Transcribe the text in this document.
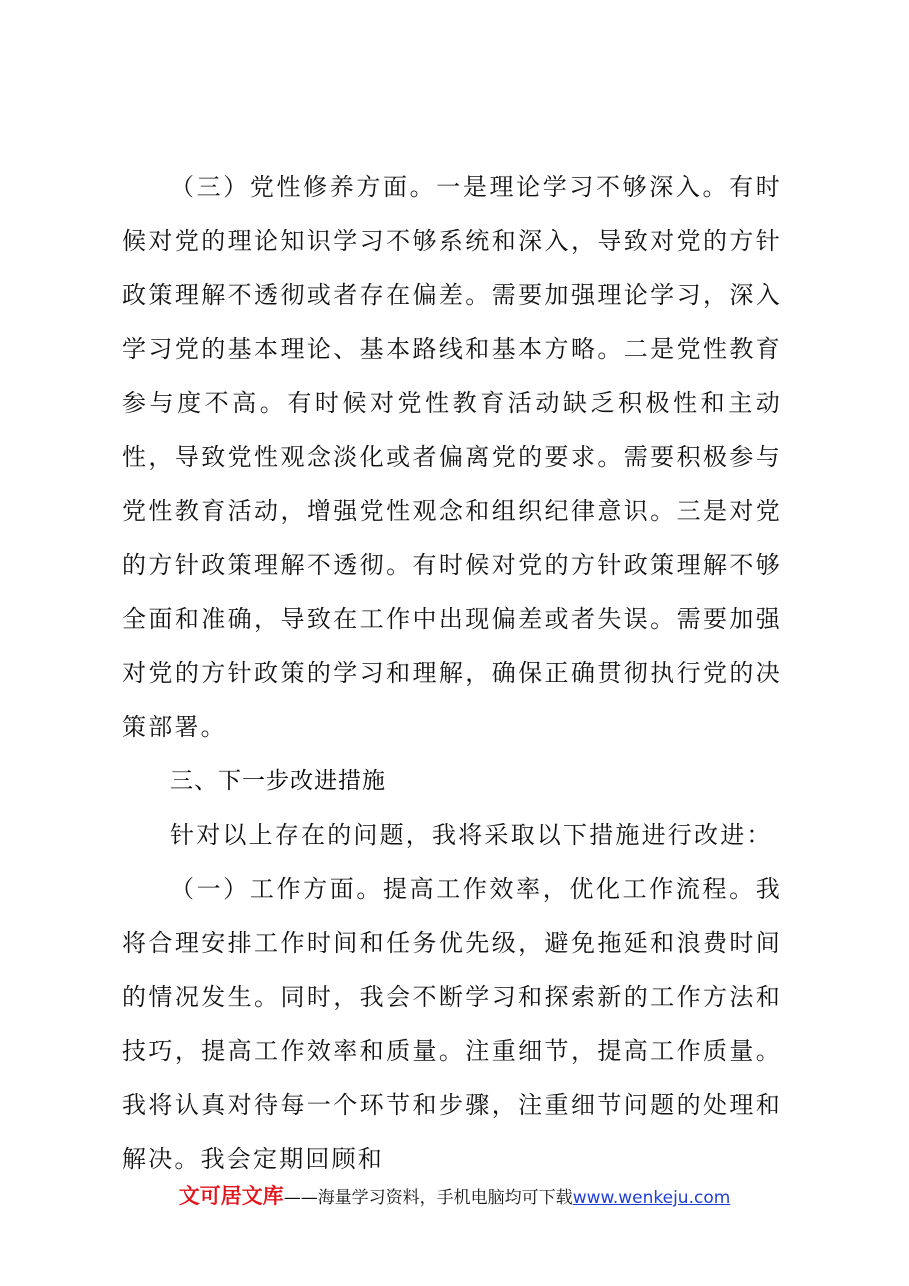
（三）党性修养方面。一是理论学习不够深入。有时候对党的理论知识学习不够系统和深入，导致对党的方针政策理解不透彻或者存在偏差。需要加强理论学习，深入学习党的基本理论、基本路线和基本方略。二是党性教育参与度不高。有时候对党性教育活动缺乏积极性和主动性，导致党性观念淡化或者偏离党的要求。需要积极参与党性教育活动，增强党性观念和组织纪律意识。三是对党的方针政策理解不透彻。有时候对党的方针政策理解不够全面和准确，导致在工作中出现偏差或者失误。需要加强对党的方针政策的学习和理解，确保正确贯彻执行党的决策部署。

三、下一步改进措施

针对以上存在的问题，我将采取以下措施进行改进：

（一）工作方面。提高工作效率，优化工作流程。我将合理安排工作时间和任务优先级，避免拖延和浪费时间的情况发生。同时，我会不断学习和探索新的工作方法和技巧，提高工作效率和质量。注重细节，提高工作质量。我将认真对待每一个环节和步骤，注重细节问题的处理和解决。我会定期回顾和

文可居文库——海量学习资料，手机电脑均可下载www.wenkeju.com
